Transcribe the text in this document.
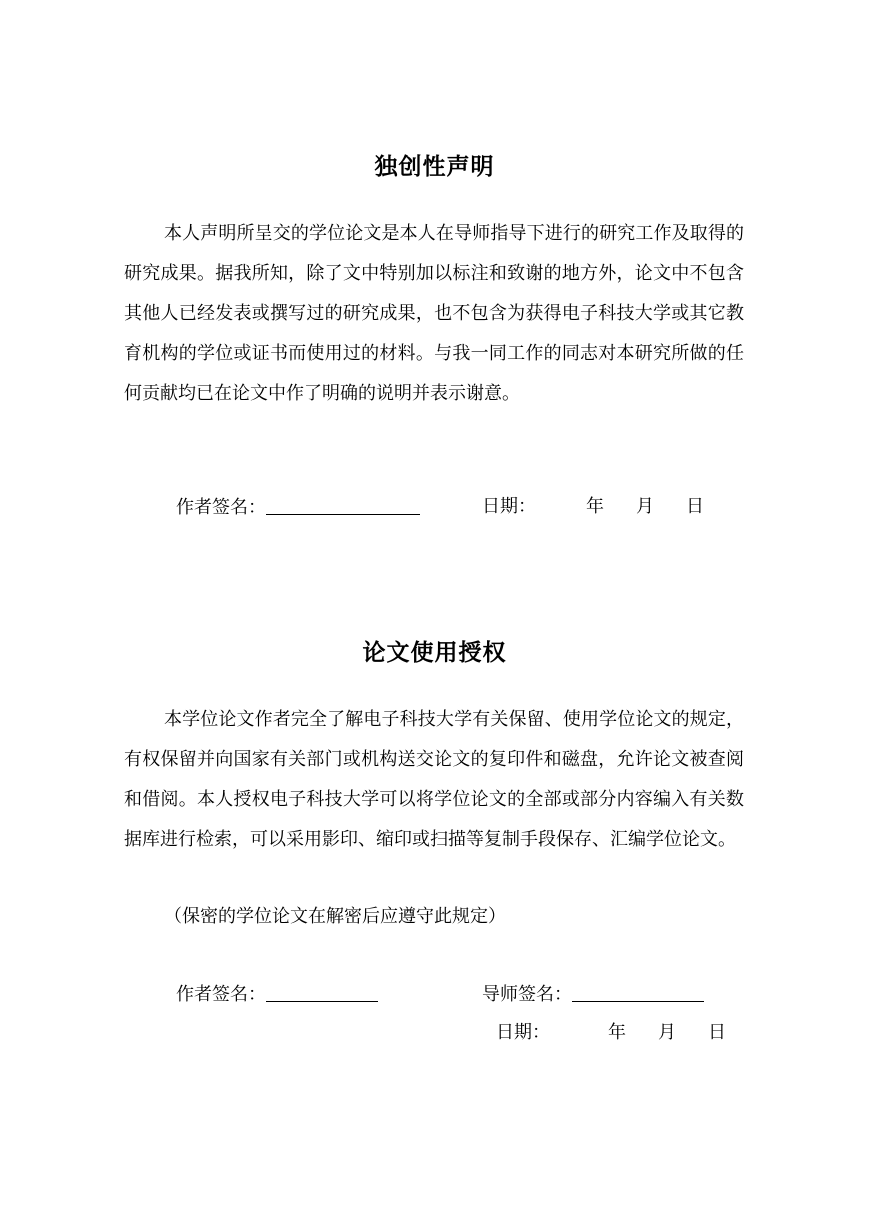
独创性声明

本人声明所呈交的学位论文是本人在导师指导下进行的研究工作及取得的研究成果。据我所知，除了文中特别加以标注和致谢的地方外，论文中不包含其他人已经发表或撰写过的研究成果，也不包含为获得电子科技大学或其它教育机构的学位或证书而使用过的材料。与我一同工作的同志对本研究所做的任何贡献均已在论文中作了明确的说明并表示谢意。

作者签名：	日期：	年 月 日
论文使用授权

本学位论文作者完全了解电子科技大学有关保留、使用学位论文的规定，有权保留并向国家有关部门或机构送交论文的复印件和磁盘，允许论文被查阅和借阅。本人授权电子科技大学可以将学位论文的全部或部分内容编入有关数据库进行检索，可以采用影印、缩印或扫描等复制手段保存、汇编学位论文。

（保密的学位论文在解密后应遵守此规定）

作者签名：	导师签名：
日期：	年 月 日
